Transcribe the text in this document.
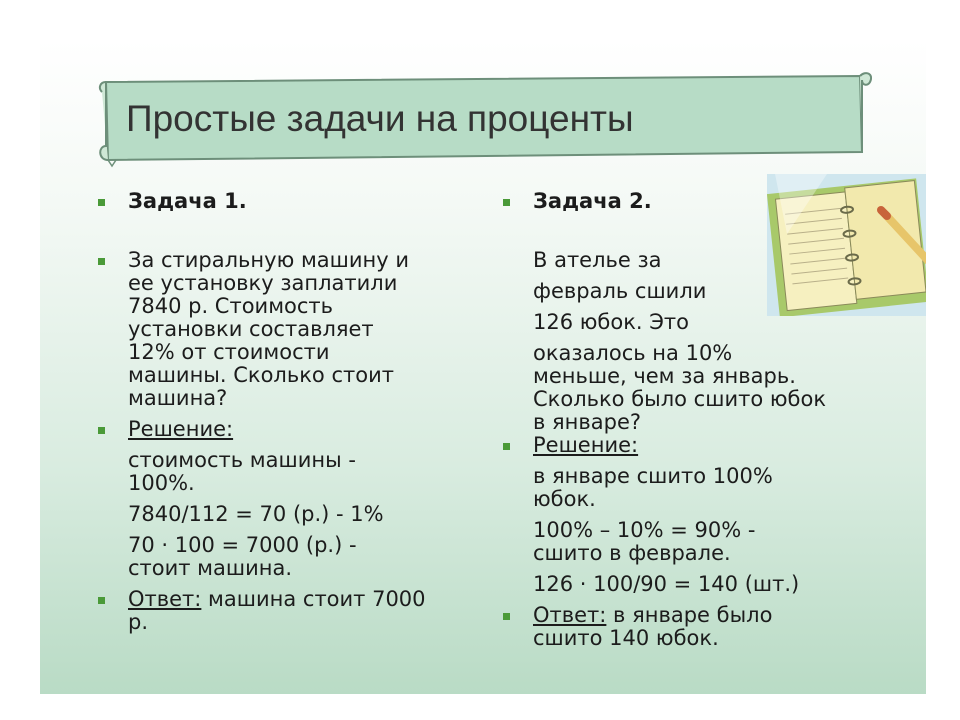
Простые задачи на проценты
Задача 1.
За стиральную машину и
ее установку заплатили
7840 р. Стоимость
установки составляет
12% от стоимости
машины. Сколько стоит
машина?
Решение:
стоимость машины -
100%.
7840/112 = 70 (р.) - 1%
70 · 100 = 7000 (р.) -
стоит машина.
Ответ: машина стоит 7000
р.
Задача 2.
В ателье за
февраль сшили
126 юбок. Это
оказалось на 10%
меньше, чем за январь.
Сколько было сшито юбок
в январе?
Решение:
в январе сшито 100%
юбок.
100% – 10% = 90% -
сшито в феврале.
126 · 100/90 = 140 (шт.)
Ответ: в январе было
сшито 140 юбок.
